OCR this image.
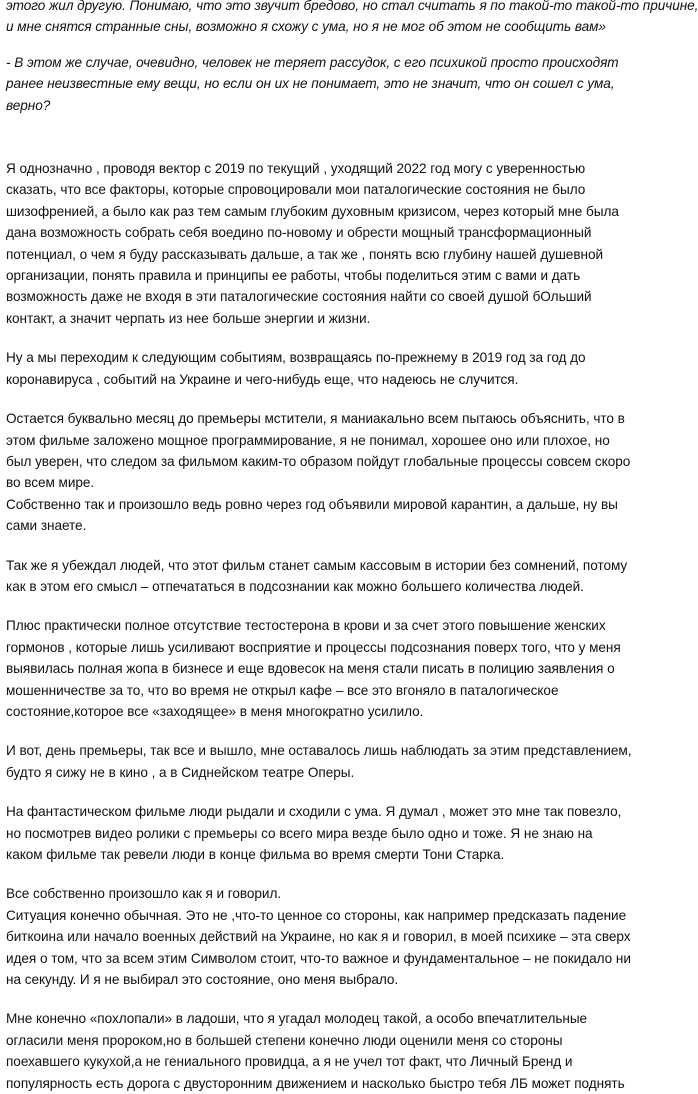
этого жил другую. Понимаю, что это звучит бредово, но стал считать я по такой-то такой-то причине,
и мне снятся странные сны, возможно я схожу с ума, но я не мог об этом не сообщить вам»
- В этом же случае, очевидно, человек не теряет рассудок, с его психикой просто происходят
ранее неизвестные ему вещи, но если он их не понимает, это не значит, что он сошел с ума,
верно?
Я однозначно , проводя вектор с 2019 по текущий , уходящий 2022 год могу с уверенностью
сказать, что все факторы, которые спровоцировали мои паталогические состояния не было
шизофренией, а было как раз тем самым глубоким духовным кризисом, через который мне была
дана возможность собрать себя воедино по-новому и обрести мощный трансформационный
потенциал, о чем я буду рассказывать дальше, а так же , понять всю глубину нашей душевной
организации, понять правила и принципы ее работы, чтобы поделиться этим с вами и дать
возможность даже не входя в эти паталогические состояния найти со своей душой бОльший
контакт, а значит черпать из нее больше энергии и жизни.
Ну а мы переходим к следующим событиям, возвращаясь по-прежнему в 2019 год за год до
коронавируса , событий на Украине и чего-нибудь еще, что надеюсь не случится.
Остается буквально месяц до премьеры мстители, я маниакально всем пытаюсь объяснить, что в
этом фильме заложено мощное программирование, я не понимал, хорошее оно или плохое, но
был уверен, что следом за фильмом каким-то образом пойдут глобальные процессы совсем скоро
во всем мире.
Собственно так и произошло ведь ровно через год объявили мировой карантин, а дальше, ну вы
сами знаете.
Так же я убеждал людей, что этот фильм станет самым кассовым в истории без сомнений, потому
как в этом его смысл – отпечататься в подсознании как можно большего количества людей.
Плюс практически полное отсутствие тестостерона в крови и за счет этого повышение женских
гормонов , которые лишь усиливают восприятие и процессы подсознания поверх того, что у меня
выявилась полная жопа в бизнесе и еще вдовесок на меня стали писать в полицию заявления о
мошенничестве за то, что во время не открыл кафе – все это вгоняло в паталогическое
состояние,которое все «заходящее» в меня многократно усилило.
И вот, день премьеры, так все и вышло, мне оставалось лишь наблюдать за этим представлением,
будто я сижу не в кино , а в Сиднейском театре Оперы.
На фантастическом фильме люди рыдали и сходили с ума. Я думал , может это мне так повезло,
но посмотрев видео ролики с премьеры со всего мира везде было одно и тоже. Я не знаю на
каком фильме так ревели люди в конце фильма во время смерти Тони Старка.
Все собственно произошло как я и говорил.
Ситуация конечно обычная. Это не ,что-то ценное со стороны, как например предсказать падение
биткоина или начало военных действий на Украине, но как я и говорил, в моей психике – эта сверх
идея о том, что за всем этим Символом стоит, что-то важное и фундаментальное – не покидало ни
на секунду. И я не выбирал это состояние, оно меня выбрало.
Мне конечно «похлопали» в ладоши, что я угадал молодец такой, а особо впечатлительные
огласили меня пророком,но в большей степени конечно люди оценили меня со стороны
поехавшего кукухой,а не гениального провидца, а я не учел тот факт, что Личный Бренд и
популярность есть дорога с двусторонним движением и насколько быстро тебя ЛБ может поднять
